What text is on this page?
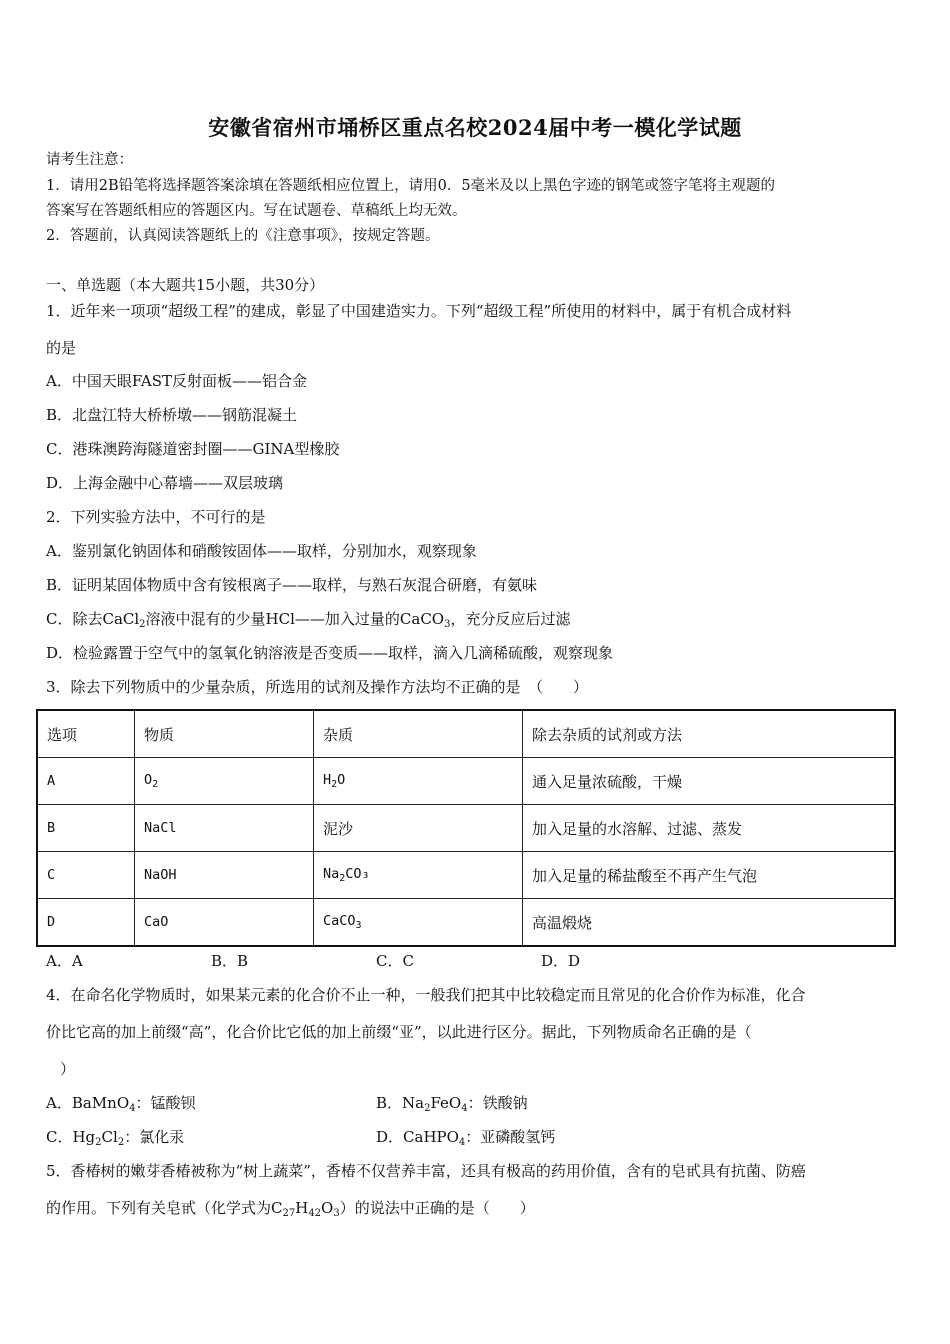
安徽省宿州市埇桥区重点名校2024届中考一模化学试题
请考生注意：
1．请用2B铅笔将选择题答案涂填在答题纸相应位置上，请用0．5毫米及以上黑色字迹的钢笔或签字笔将主观题的
答案写在答题纸相应的答题区内。写在试题卷、草稿纸上均无效。
2．答题前，认真阅读答题纸上的《注意事项》，按规定答题。
一、单选题（本大题共15小题，共30分）
1．近年来一项项“超级工程”的建成，彰显了中国建造实力。下列“超级工程”所使用的材料中，属于有机合成材料
的是
A．中国天眼FAST反射面板——铝合金
B．北盘江特大桥桥墩——钢筋混凝土
C．港珠澳跨海隧道密封圈——GINA型橡胶
D．上海金融中心幕墙——双层玻璃
2．下列实验方法中，不可行的是
A．鉴别氯化钠固体和硝酸铵固体——取样，分别加水，观察现象
B．证明某固体物质中含有铵根离子——取样，与熟石灰混合研磨，有氨味
C．除去CaCl$_2$溶液中混有的少量HCl——加入过量的CaCO$_3$，充分反应后过滤
D．检验露置于空气中的氢氧化钠溶液是否变质——取样，滴入几滴稀硫酸，观察现象
3．除去下列物质中的少量杂质，所选用的试剂及操作方法均不正确的是　（　　）
选项	物质	杂质	除去杂质的试剂或方法
A	$O_2$	$H_2O$	通入足量浓硫酸，干燥
B	NaCl	泥沙	加入足量的水溶解、过滤、蒸发
C	NaOH	$Na_2CO_3$	加入足量的稀盐酸至不再产生气泡
D	CaO	CaCO$_3$	高温煅烧
A．A	B．B	C．C	D．D
4．在命名化学物质时，如果某元素的化合价不止一种，一般我们把其中比较稳定而且常见的化合价作为标准，化合
价比它高的加上前缀“高”，化合价比它低的加上前缀“亚”，以此进行区分。据此，下列物质命名正确的是（
）
A．BaMnO$_4$：锰酸钡	B．$Na_2FeO_4$：铁酸钠
C．$Hg_2Cl_2$：氯化汞	D．CaHPO$_4$：亚磷酸氢钙
5．香椿树的嫩芽香椿被称为“树上蔬菜”，香椿不仅营养丰富，还具有极高的药用价值，含有的皂甙具有抗菌、防癌
的作用。下列有关皂甙（化学式为$C_{27}H_{42}O_3$）的说法中正确的是（　　）
